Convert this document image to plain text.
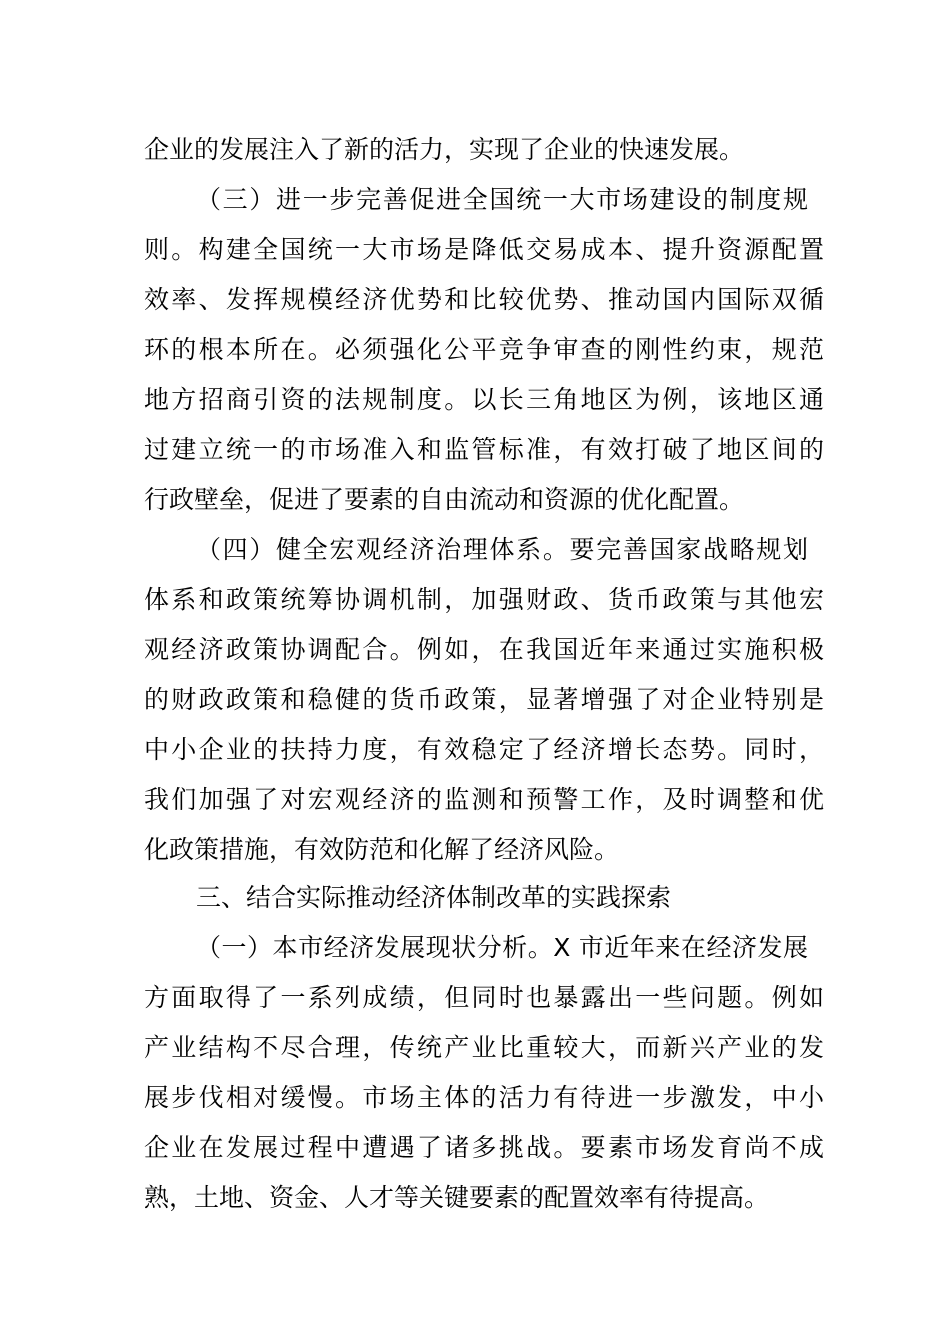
企业的发展注入了新的活力，实现了企业的快速发展。
（三）进一步完善促进全国统一大市场建设的制度规
则。构建全国统一大市场是降低交易成本、提升资源配置
效率、发挥规模经济优势和比较优势、推动国内国际双循
环的根本所在。必须强化公平竞争审查的刚性约束，规范
地方招商引资的法规制度。以长三角地区为例，该地区通
过建立统一的市场准入和监管标准，有效打破了地区间的
行政壁垒，促进了要素的自由流动和资源的优化配置。
（四）健全宏观经济治理体系。要完善国家战略规划
体系和政策统筹协调机制，加强财政、货币政策与其他宏
观经济政策协调配合。例如，在我国近年来通过实施积极
的财政政策和稳健的货币政策，显著增强了对企业特别是
中小企业的扶持力度，有效稳定了经济增长态势。同时，
我们加强了对宏观经济的监测和预警工作，及时调整和优
化政策措施，有效防范和化解了经济风险。
三、结合实际推动经济体制改革的实践探索
（一）本市经济发展现状分析。X 市近年来在经济发展
方面取得了一系列成绩，但同时也暴露出一些问题。例如
产业结构不尽合理，传统产业比重较大，而新兴产业的发
展步伐相对缓慢。市场主体的活力有待进一步激发，中小
企业在发展过程中遭遇了诸多挑战。要素市场发育尚不成
熟，土地、资金、人才等关键要素的配置效率有待提高。
